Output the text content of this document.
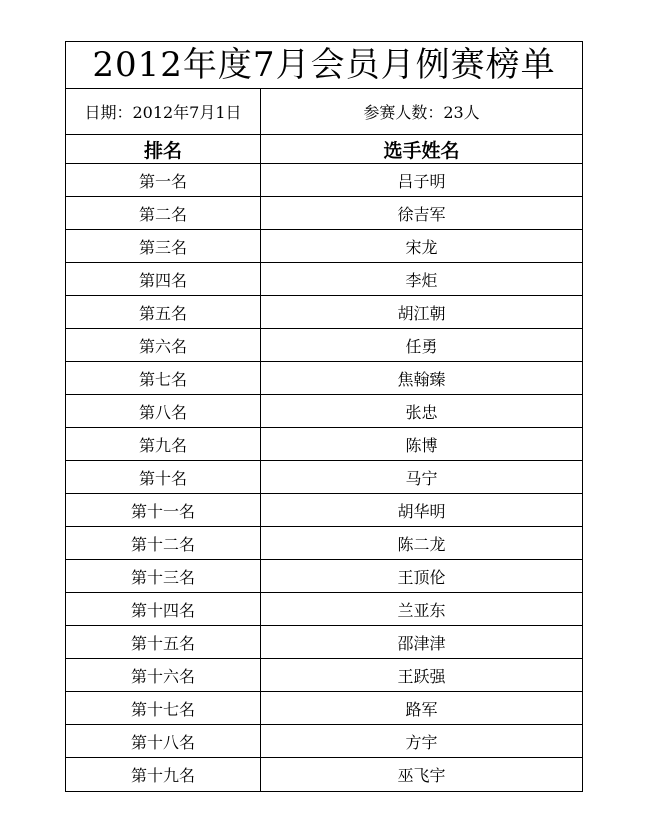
2012年度7月会员月例赛榜单
日期：2012年7月1日	参赛人数：23人
排名	选手姓名
第一名	吕子明
第二名	徐吉军
第三名	宋龙
第四名	李炬
第五名	胡江朝
第六名	任勇
第七名	焦翰臻
第八名	张忠
第九名	陈博
第十名	马宁
第十一名	胡华明
第十二名	陈二龙
第十三名	王顶伦
第十四名	兰亚东
第十五名	邵津津
第十六名	王跃强
第十七名	路军
第十八名	方宇
第十九名	巫飞宇
